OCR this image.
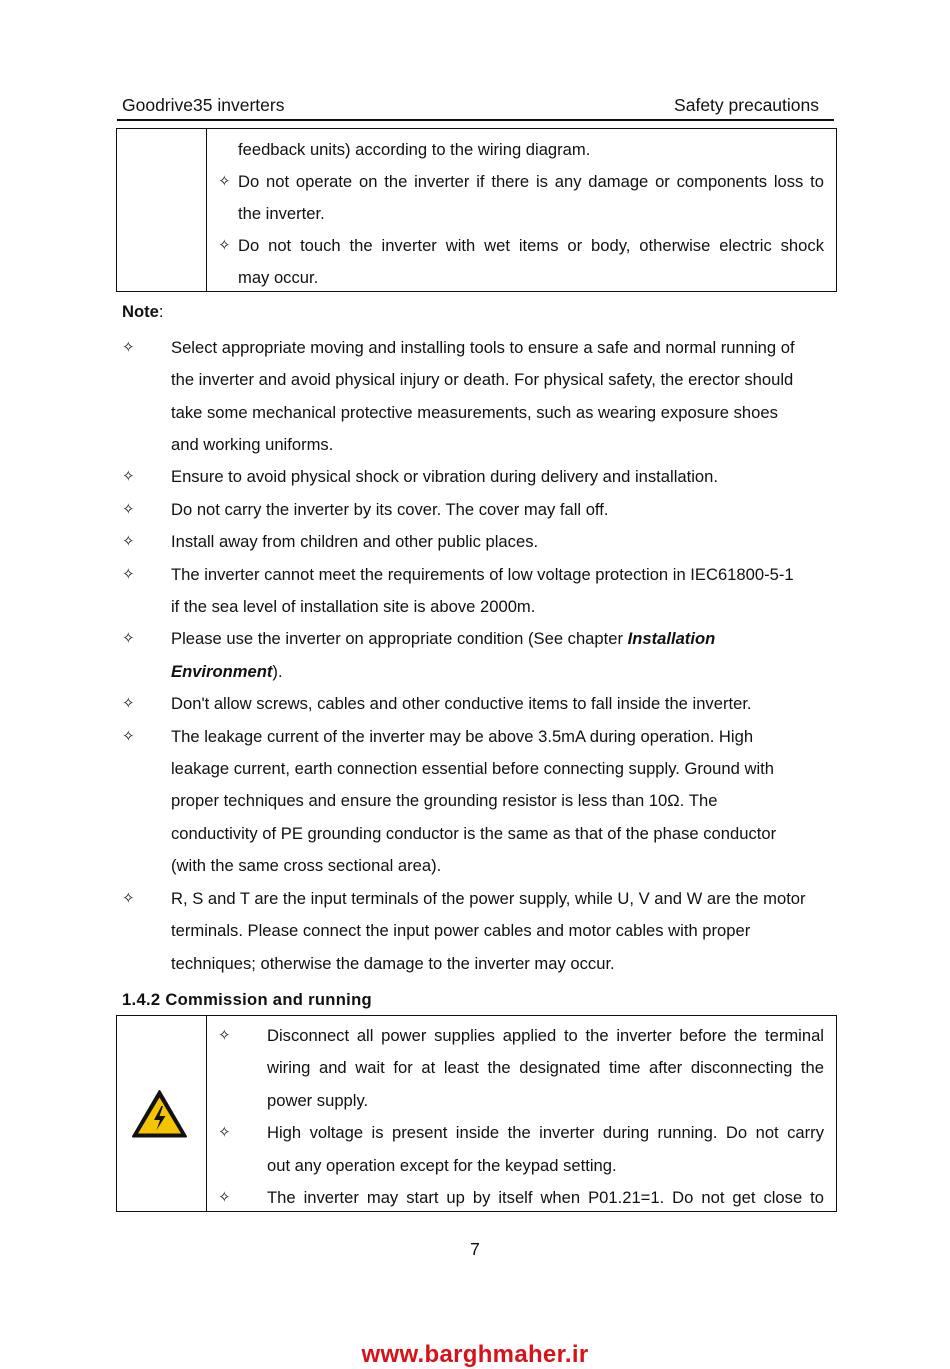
Goodrive35 inverters	Safety precautions
feedback units) according to the wiring diagram.
✧ Do not operate on the inverter if there is any damage or components loss to
the inverter.
✧ Do not touch the inverter with wet items or body, otherwise electric shock
may occur.
Note:
✧ Select appropriate moving and installing tools to ensure a safe and normal running of
the inverter and avoid physical injury or death. For physical safety, the erector should
take some mechanical protective measurements, such as wearing exposure shoes
and working uniforms.
✧ Ensure to avoid physical shock or vibration during delivery and installation.
✧ Do not carry the inverter by its cover. The cover may fall off.
✧ Install away from children and other public places.
✧ The inverter cannot meet the requirements of low voltage protection in IEC61800-5-1
if the sea level of installation site is above 2000m.
✧ Please use the inverter on appropriate condition (See chapter Installation
Environment).
✧ Don't allow screws, cables and other conductive items to fall inside the inverter.
✧ The leakage current of the inverter may be above 3.5mA during operation. High
leakage current, earth connection essential before connecting supply. Ground with
proper techniques and ensure the grounding resistor is less than 10Ω. The
conductivity of PE grounding conductor is the same as that of the phase conductor
(with the same cross sectional area).
✧ R, S and T are the input terminals of the power supply, while U, V and W are the motor
terminals. Please connect the input power cables and motor cables with proper
techniques; otherwise the damage to the inverter may occur.
1.4.2 Commission and running
✧ Disconnect all power supplies applied to the inverter before the terminal
wiring and wait for at least the designated time after disconnecting the
power supply.
✧ High voltage is present inside the inverter during running. Do not carry
out any operation except for the keypad setting.
✧ The inverter may start up by itself when P01.21=1. Do not get close to
7
www.barghmaher.ir
